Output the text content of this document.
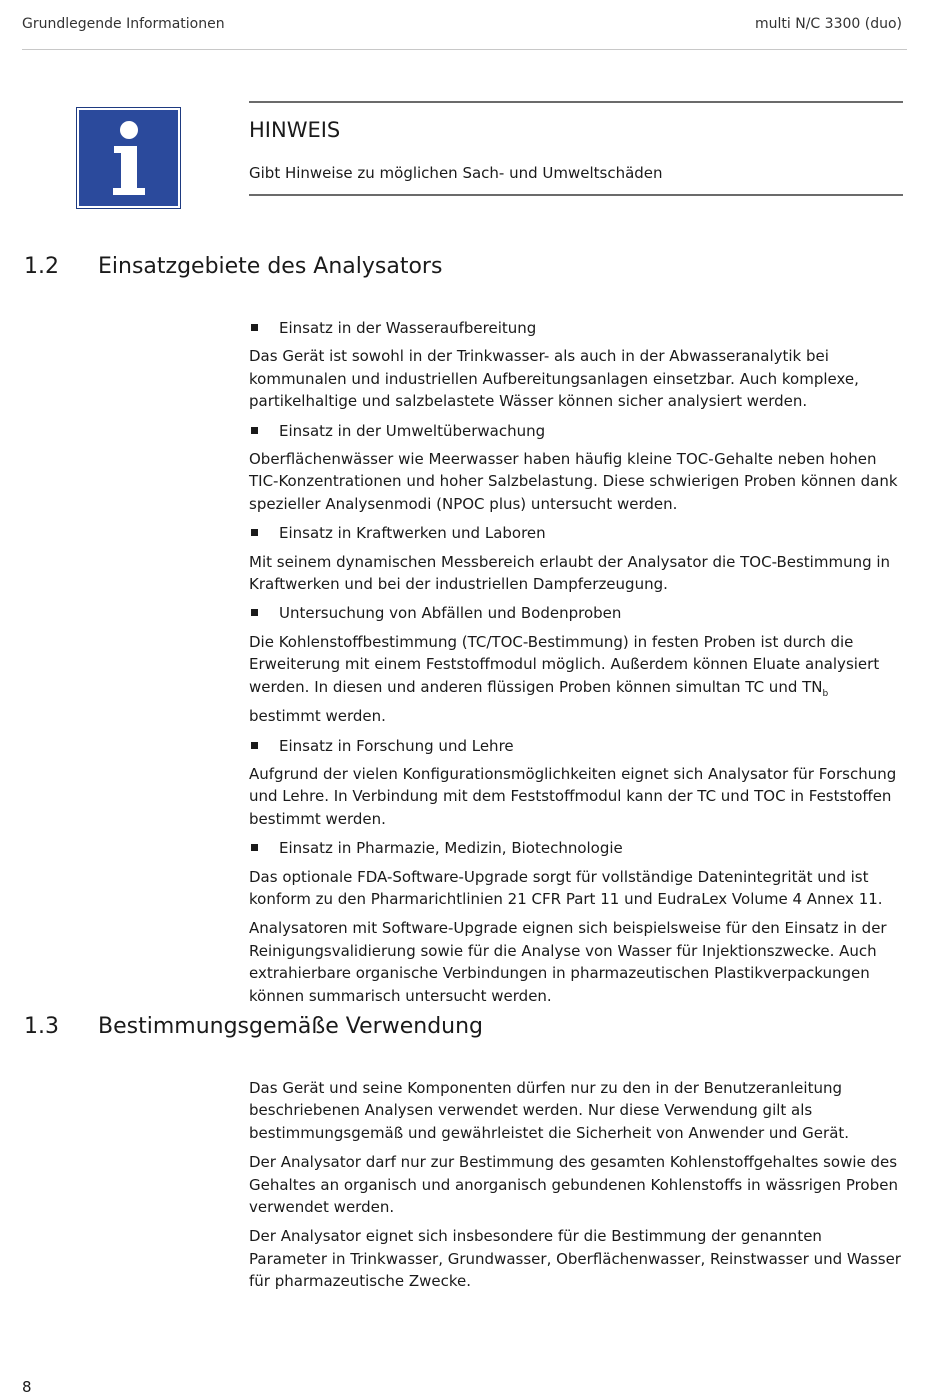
Grundlegende Informationen	multi N/C 3300 (duo)
HINWEIS
Gibt Hinweise zu möglichen Sach- und Umweltschäden
1.2 Einsatzgebiete des Analysators

Einsatz in der Wasseraufbereitung

Das Gerät ist sowohl in der Trinkwasser- als auch in der Abwasseranalytik bei kommunalen und industriellen Aufbereitungsanlagen einsetzbar. Auch komplexe, partikelhaltige und salzbelastete Wässer können sicher analysiert werden.

Einsatz in der Umweltüberwachung

Oberflächenwässer wie Meerwasser haben häufig kleine TOC-Gehalte neben hohen TIC-Konzentrationen und hoher Salzbelastung. Diese schwierigen Proben können dank spezieller Analysenmodi (NPOC plus) untersucht werden.

Einsatz in Kraftwerken und Laboren

Mit seinem dynamischen Messbereich erlaubt der Analysator die TOC-Bestimmung in Kraftwerken und bei der industriellen Dampferzeugung.

Untersuchung von Abfällen und Bodenproben

Die Kohlenstoffbestimmung (TC/TOC-Bestimmung) in festen Proben ist durch die Erweiterung mit einem Feststoffmodul möglich. Außerdem können Eluate analysiert werden. In diesen und anderen flüssigen Proben können simultan TC und $TN_b$ bestimmt werden.

Einsatz in Forschung und Lehre

Aufgrund der vielen Konfigurationsmöglichkeiten eignet sich Analysator für Forschung und Lehre. In Verbindung mit dem Feststoffmodul kann der TC und TOC in Feststoffen bestimmt werden.

Einsatz in Pharmazie, Medizin, Biotechnologie

Das optionale FDA-Software-Upgrade sorgt für vollständige Datenintegrität und ist konform zu den Pharmarichtlinien 21 CFR Part 11 und EudraLex Volume 4 Annex 11.

Analysatoren mit Software-Upgrade eignen sich beispielsweise für den Einsatz in der Reinigungsvalidierung sowie für die Analyse von Wasser für Injektionszwecke. Auch extrahierbare organische Verbindungen in pharmazeutischen Plastikverpackungen können summarisch untersucht werden.

1.3 Bestimmungsgemäße Verwendung

Das Gerät und seine Komponenten dürfen nur zu den in der Benutzeranleitung beschriebenen Analysen verwendet werden. Nur diese Verwendung gilt als bestimmungsgemäß und gewährleistet die Sicherheit von Anwender und Gerät.

Der Analysator darf nur zur Bestimmung des gesamten Kohlenstoffgehaltes sowie des Gehaltes an organisch und anorganisch gebundenen Kohlenstoffs in wässrigen Proben verwendet werden.

Der Analysator eignet sich insbesondere für die Bestimmung der genannten Parameter in Trinkwasser, Grundwasser, Oberflächenwasser, Reinstwasser und Wasser für pharmazeutische Zwecke.

8
